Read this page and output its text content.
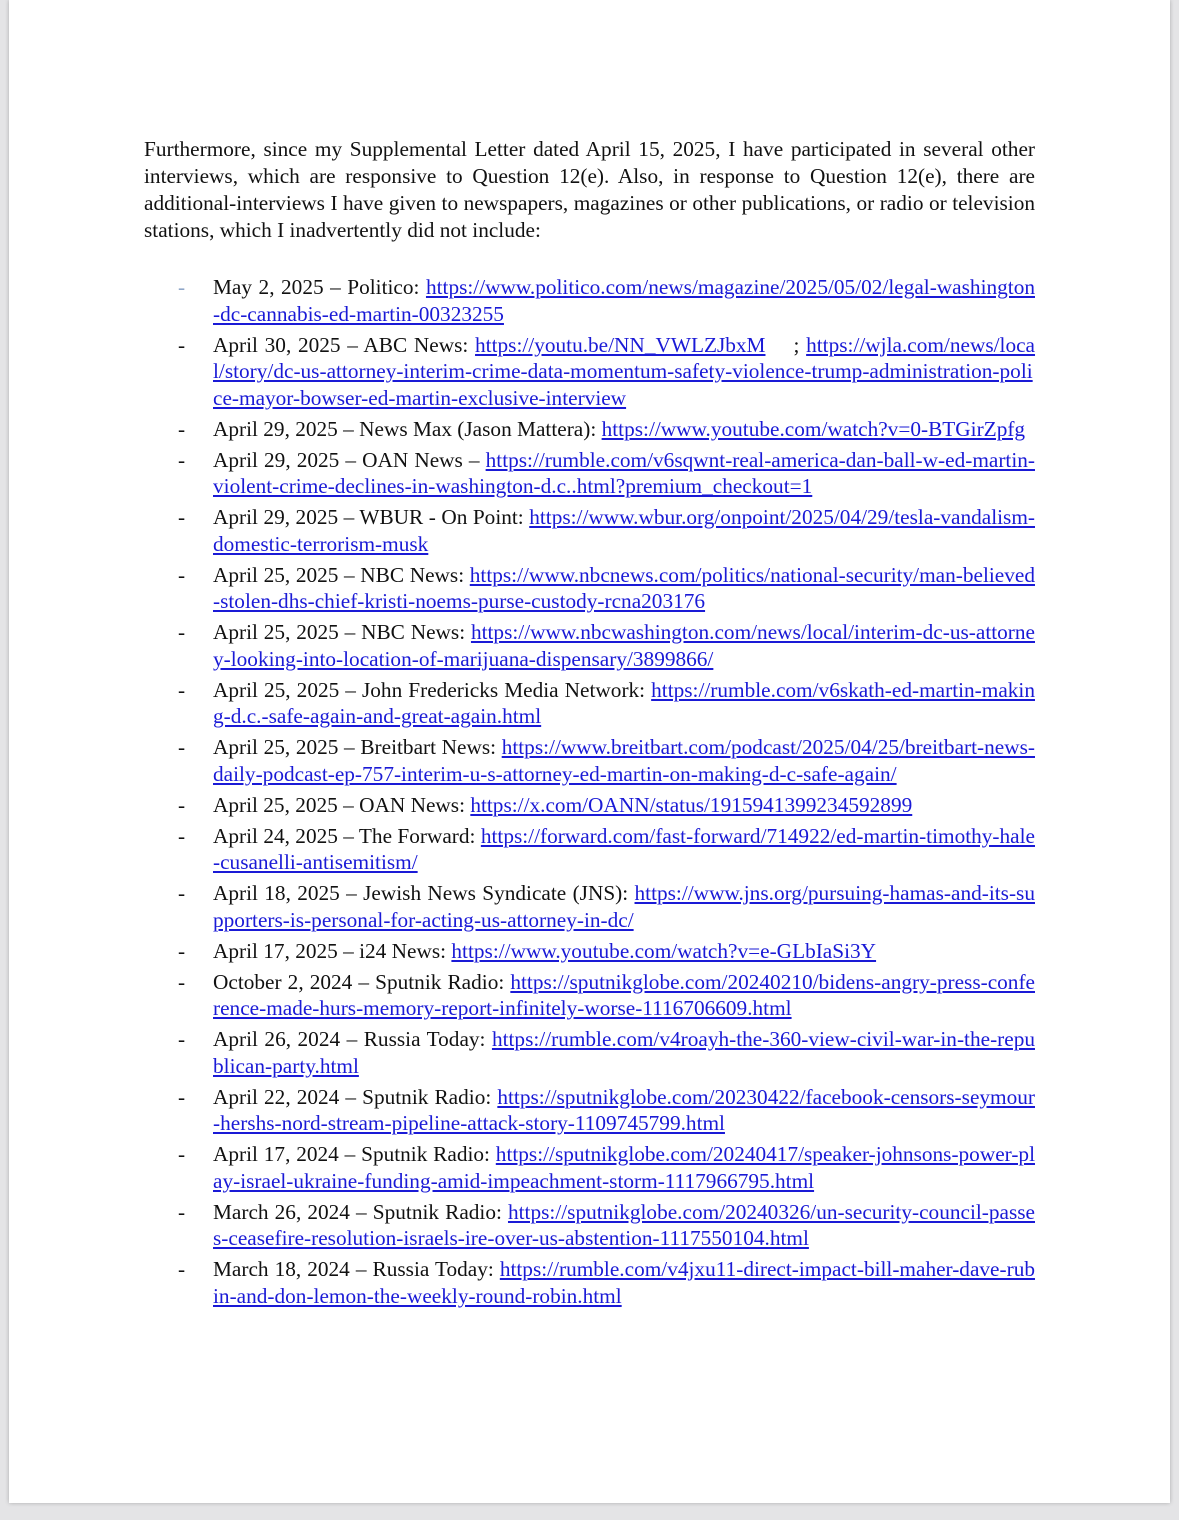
Furthermore, since my Supplemental Letter dated April 15, 2025, I have participated in several other interviews, which are responsive to Question 12(e). Also, in response to Question 12(e), there are additional-interviews I have given to newspapers, magazines or other publications, or radio or television stations, which I inadvertently did not include:

- May 2, 2025 – Politico: https://www.politico.com/news/magazine/2025/05/02/legal-washington-dc-cannabis-ed-martin-00323255
- April 30, 2025 – ABC News: https://youtu.be/NN_VWLZJbxM ; https://wjla.com/news/local/story/dc-us-attorney-interim-crime-data-momentum-safety-violence-trump-administration-police-mayor-bowser-ed-martin-exclusive-interview
- April 29, 2025 – News Max (Jason Mattera): https://www.youtube.com/watch?v=0-BTGirZpfg
- April 29, 2025 – OAN News – https://rumble.com/v6sqwnt-real-america-dan-ball-w-ed-martin-violent-crime-declines-in-washington-d.c..html?premium_checkout=1
- April 29, 2025 – WBUR - On Point: https://www.wbur.org/onpoint/2025/04/29/tesla-vandalism-domestic-terrorism-musk
- April 25, 2025 – NBC News: https://www.nbcnews.com/politics/national-security/man-believed-stolen-dhs-chief-kristi-noems-purse-custody-rcna203176
- April 25, 2025 – NBC News: https://www.nbcwashington.com/news/local/interim-dc-us-attorney-looking-into-location-of-marijuana-dispensary/3899866/
- April 25, 2025 – John Fredericks Media Network: https://rumble.com/v6skath-ed-martin-making-d.c.-safe-again-and-great-again.html
- April 25, 2025 – Breitbart News: https://www.breitbart.com/podcast/2025/04/25/breitbart-news-daily-podcast-ep-757-interim-u-s-attorney-ed-martin-on-making-d-c-safe-again/
- April 25, 2025 – OAN News: https://x.com/OANN/status/1915941399234592899
- April 24, 2025 – The Forward: https://forward.com/fast-forward/714922/ed-martin-timothy-hale-cusanelli-antisemitism/
- April 18, 2025 – Jewish News Syndicate (JNS): https://www.jns.org/pursuing-hamas-and-its-supporters-is-personal-for-acting-us-attorney-in-dc/
- April 17, 2025 – i24 News: https://www.youtube.com/watch?v=e-GLbIaSi3Y
- October 2, 2024 – Sputnik Radio: https://sputnikglobe.com/20240210/bidens-angry-press-conference-made-hurs-memory-report-infinitely-worse-1116706609.html
- April 26, 2024 – Russia Today: https://rumble.com/v4roayh-the-360-view-civil-war-in-the-republican-party.html
- April 22, 2024 – Sputnik Radio: https://sputnikglobe.com/20230422/facebook-censors-seymour-hershs-nord-stream-pipeline-attack-story-1109745799.html
- April 17, 2024 – Sputnik Radio: https://sputnikglobe.com/20240417/speaker-johnsons-power-play-israel-ukraine-funding-amid-impeachment-storm-1117966795.html
- March 26, 2024 – Sputnik Radio: https://sputnikglobe.com/20240326/un-security-council-passes-ceasefire-resolution-israels-ire-over-us-abstention-1117550104.html
- March 18, 2024 – Russia Today: https://rumble.com/v4jxu11-direct-impact-bill-maher-dave-rubin-and-don-lemon-the-weekly-round-robin.html
